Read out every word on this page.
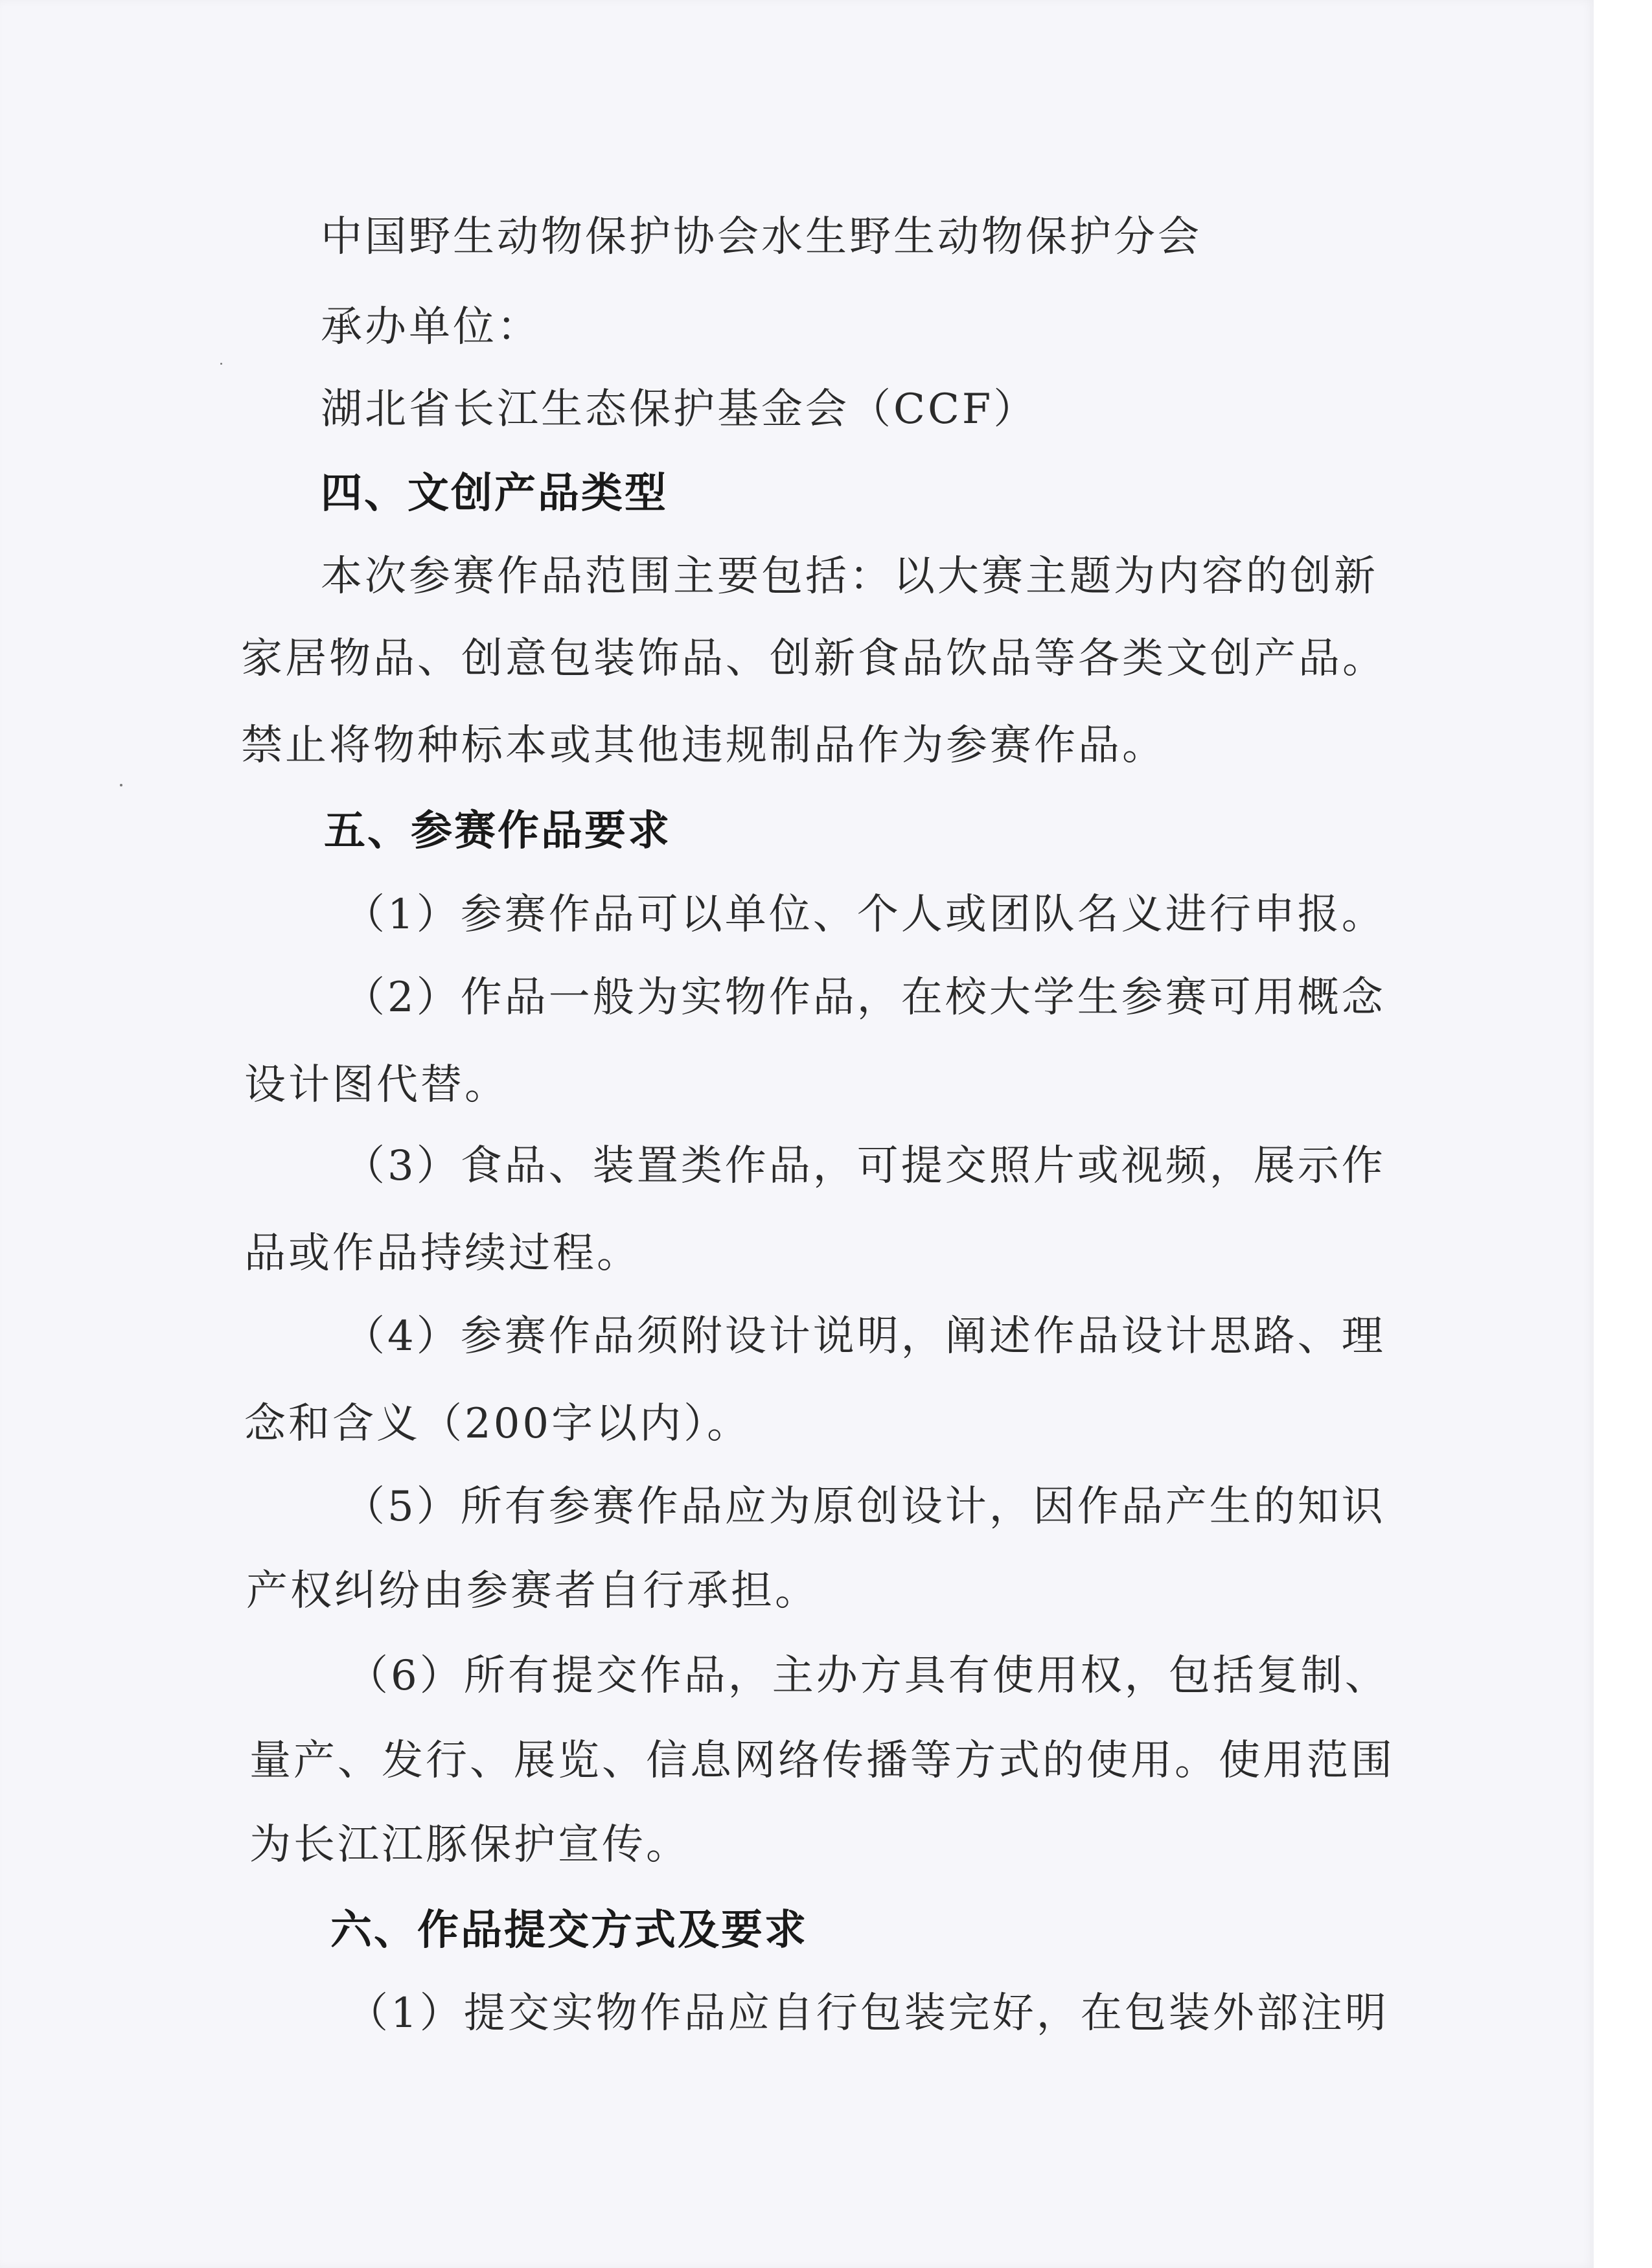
中国野生动物保护协会水生野生动物保护分会
承办单位：
湖北省长江生态保护基金会（CCF）
四、文创产品类型
本次参赛作品范围主要包括：以大赛主题为内容的创新
家居物品、创意包装饰品、创新食品饮品等各类文创产品。
禁止将物种标本或其他违规制品作为参赛作品。
五、参赛作品要求
（1）参赛作品可以单位、个人或团队名义进行申报。
（2）作品一般为实物作品，在校大学生参赛可用概念
设计图代替。
（3）食品、装置类作品，可提交照片或视频，展示作
品或作品持续过程。
（4）参赛作品须附设计说明，阐述作品设计思路、理
念和含义（200字以内）。
（5）所有参赛作品应为原创设计，因作品产生的知识
产权纠纷由参赛者自行承担。
（6）所有提交作品，主办方具有使用权，包括复制、
量产、发行、展览、信息网络传播等方式的使用。使用范围
为长江江豚保护宣传。
六、作品提交方式及要求
（1）提交实物作品应自行包装完好，在包装外部注明
